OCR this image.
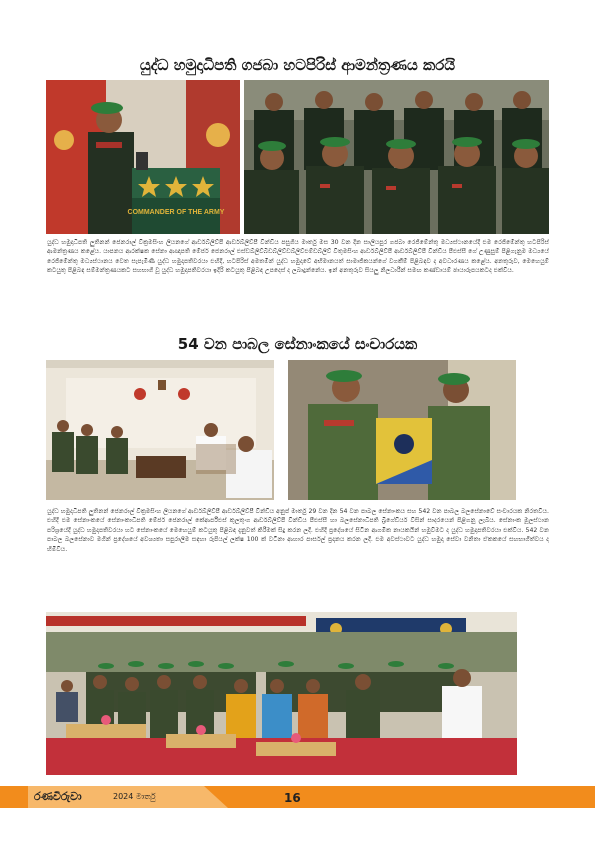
යුද්ධ හමුදාධිපති ගජබා හටපිරිස් ආමන්ත්‍රණය කරයි
COMMANDER OF THE ARMY
යුද්ධ හමුදාධිපති ලුතිනන් ජෙනරාල් වික්‍රමසිංහ ලියනගේ ආර්ඩබ්ලිව්පී ආර්ඩබ්ලිව්පී වින්ඩිය පසුගිය මාර්තු මස 30 වන දින සාලියපුර ගජබා රෙජිමේන්තු මධ්‍යස්ථානයේදී එම රෙජිමේන්තු හටපිරිස් ආමන්ත්‍රණය කළේය. යාපනය ආරක්ෂක සේනා ආඥාපති මේජර් ජෙනරාල් එස්ඩබ්ලිව්බීඩබ්ලිව්ඩබ්ලිව්එම්ඩබ්ලිව් විතුමසිංහ ආර්ඩබ්ලිව්පී ආර්ඩබ්ලිව්පී වින්ඩිය පීඑස්සී ගේ උණුසුම් පිළිගැනුම මධ්‍යයේ රෙජිමේන්තු මධ්‍යස්ථානය වෙත සැපැමිණි යුද්ධ හමුදාපතිවරයා එහිදී, හටපිරිස් අමතමින් යුද්ධ හමුදාවේ අභිමානයත් සාමාජිකයන්ගේ වගකීම් පිළිබඳව ද අවධාරණය කළේය. අනතුරුව, මෙහෙයුම් කටයුතු පිළිබඳ සම්මන්ත්‍රණයකට සහභාගි වූ යුද්ධ හමුදාපතිවරයා ඉදිරි කටයුතු පිළිබඳ උපදෙස් ද ලබාදුන්නේය. ඉන් අනතුරුව සියලු නිලධාරීන් සමඟ කණ්ඩායම් ඡායාරූපයකටද එක්විය.
54 වන පාබල සේනාංකයේ සංචාරයක
යුද්ධ හමුදාධිපති ලුතිනන් ජෙනරාල් වික්‍රමසිංහ ලියනගේ ආර්ඩබ්ලිව්පී ආර්ඩබ්ලිව්පී වින්ඩිය අනුප් මාර්තු 29 වන දින 54 වන පාබල සේනාංකය සහ 542 වන පාබල බලසේනාවේ සංචාරයක නිරතවිය. එහිදී එම සේනාංකයේ සේනාංකාධිපති මේජර් ජෙනරාල් කේආර්පීඑස් කුලතුංග ආර්ඩබ්ලිව්පී වින්ඩිය පීඑස්සී හා බලසේනාධිපති බ්‍රිගේඩියර් විසින් සාදරයෙන් පිළිගනු ලැබීය. සේනාංක මූලස්ථාන පරිශ්‍රයේදී යුද්ධ හමුදාපතිවරයා හට සේනාංකයේ මෙහෙයුම් කටයුතු පිළිබඳ දැනුවත් කිරීමක් සිදු කරන ලදී. එහිදී ප්‍රදේශයේ සිටින ආගමික නායකයින් හමුවීමට ද යුද්ධ හමුදාපතිවරයා එක්විය. 542 වන පාබල බලසේනාව මගින් ප්‍රදේශයේ අවශ්‍යතා සපුරාලීම සඳහා රුපියල් ලක්ෂ 100 ක් වටිනා ආහාර පාර්සල් ප්‍රදානය කරන ලදී. එම අවස්ථාවට යුද්ධ හමුදා සේවා වනිතා ඒකකයේ සහභාගීත්වය ද හිමිවිය.
රණවිරුවා	2024 මාර්තු	16
